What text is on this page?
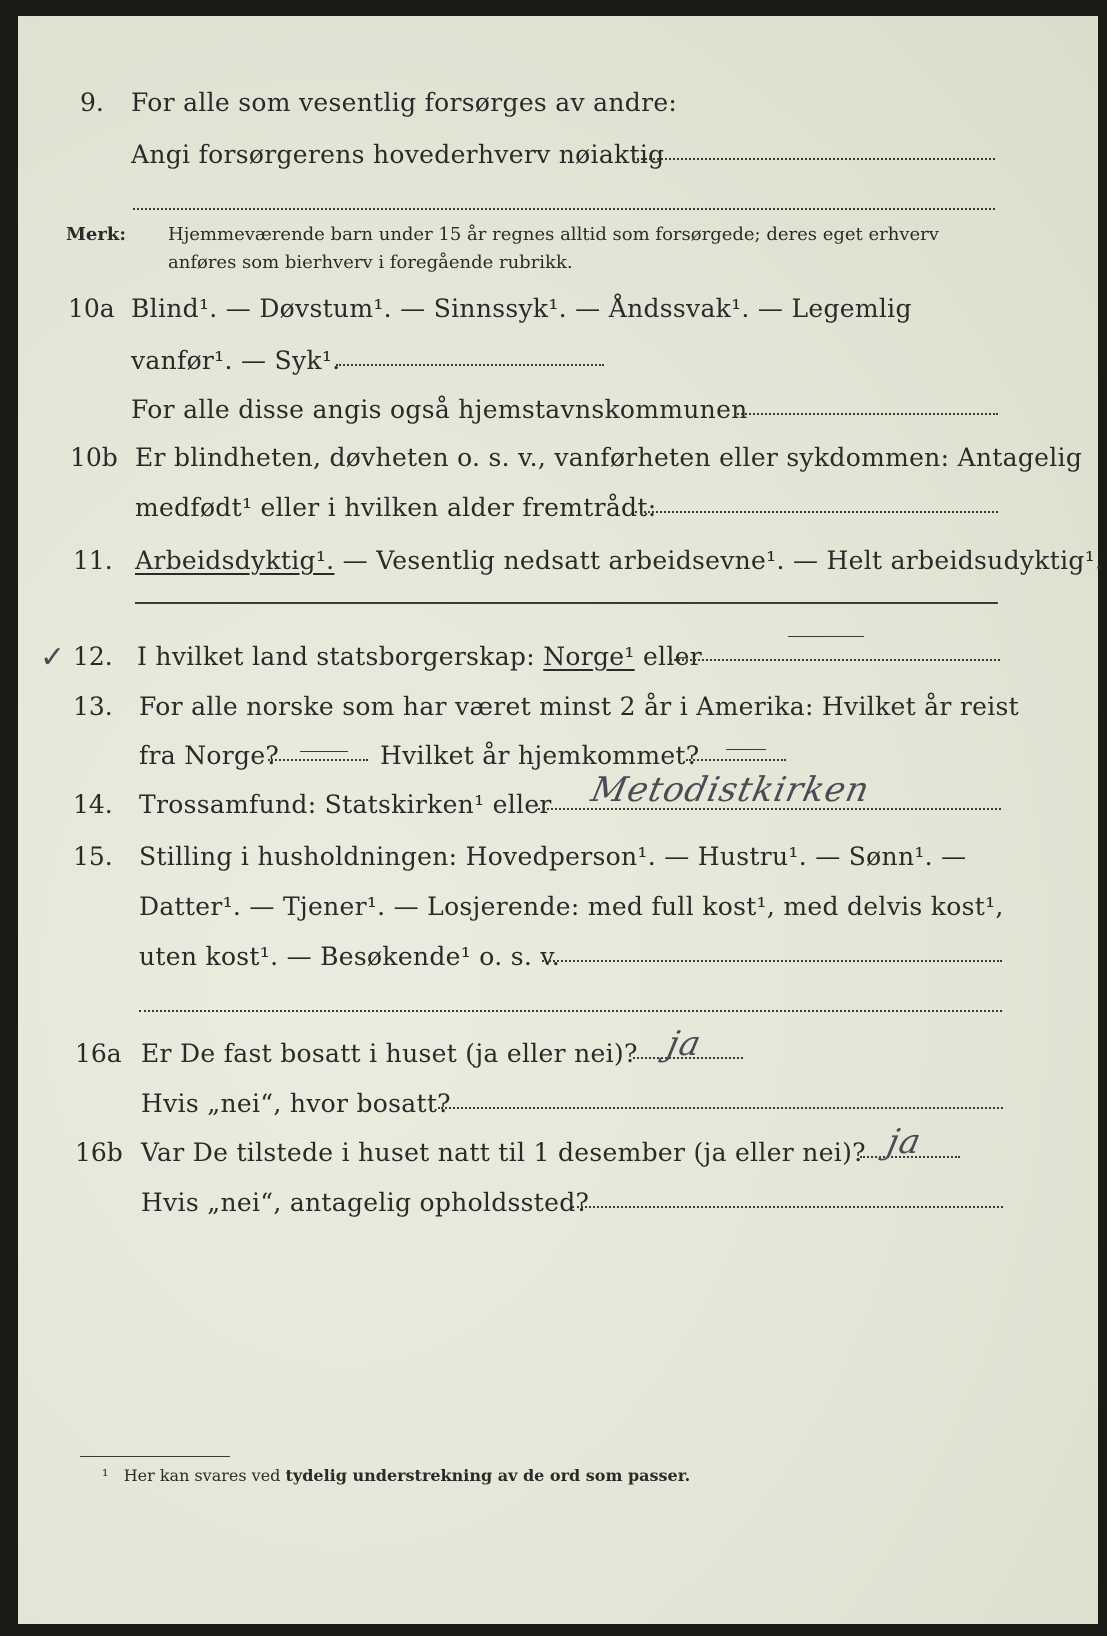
9. For alle som vesentlig forsørges av andre:
Angi forsørgerens hovederhverv nøiaktig
Merk: Hjemmeværende barn under 15 år regnes alltid som forsørgede; deres eget erhverv
anføres som bierhverv i foregående rubrikk.
10a Blind¹. — Døvstum¹. — Sinnssyk¹. — Åndssvak¹. — Legemlig
vanfør¹. — Syk¹.
For alle disse angis også hjemstavnskommunen
10b Er blindheten, døvheten o. s. v., vanførheten eller sykdommen: Antagelig
medfødt¹ eller i hvilken alder fremtrådt:
11. Arbeidsdyktig¹. — Vesentlig nedsatt arbeidsevne¹. — Helt arbeidsudyktig¹.
✓ 12. I hvilket land statsborgerskap: Norge¹ eller
13. For alle norske som har været minst 2 år i Amerika: Hvilket år reist
fra Norge?	Hvilket år hjemkommet?
14. Trossamfund: Statskirken¹ eller Metodistkirken
15. Stilling i husholdningen: Hovedperson¹. — Hustru¹. — Sønn¹. —
Datter¹. — Tjener¹. — Losjerende: med full kost¹, med delvis kost¹,
uten kost¹. — Besøkende¹ o. s. v.
16a Er De fast bosatt i huset (ja eller nei)? ja
Hvis „nei“, hvor bosatt?
16b Var De tilstede i huset natt til 1 desember (ja eller nei)? ja
Hvis „nei“, antagelig opholdssted?
¹ Her kan svares ved tydelig understrekning av de ord som passer.
